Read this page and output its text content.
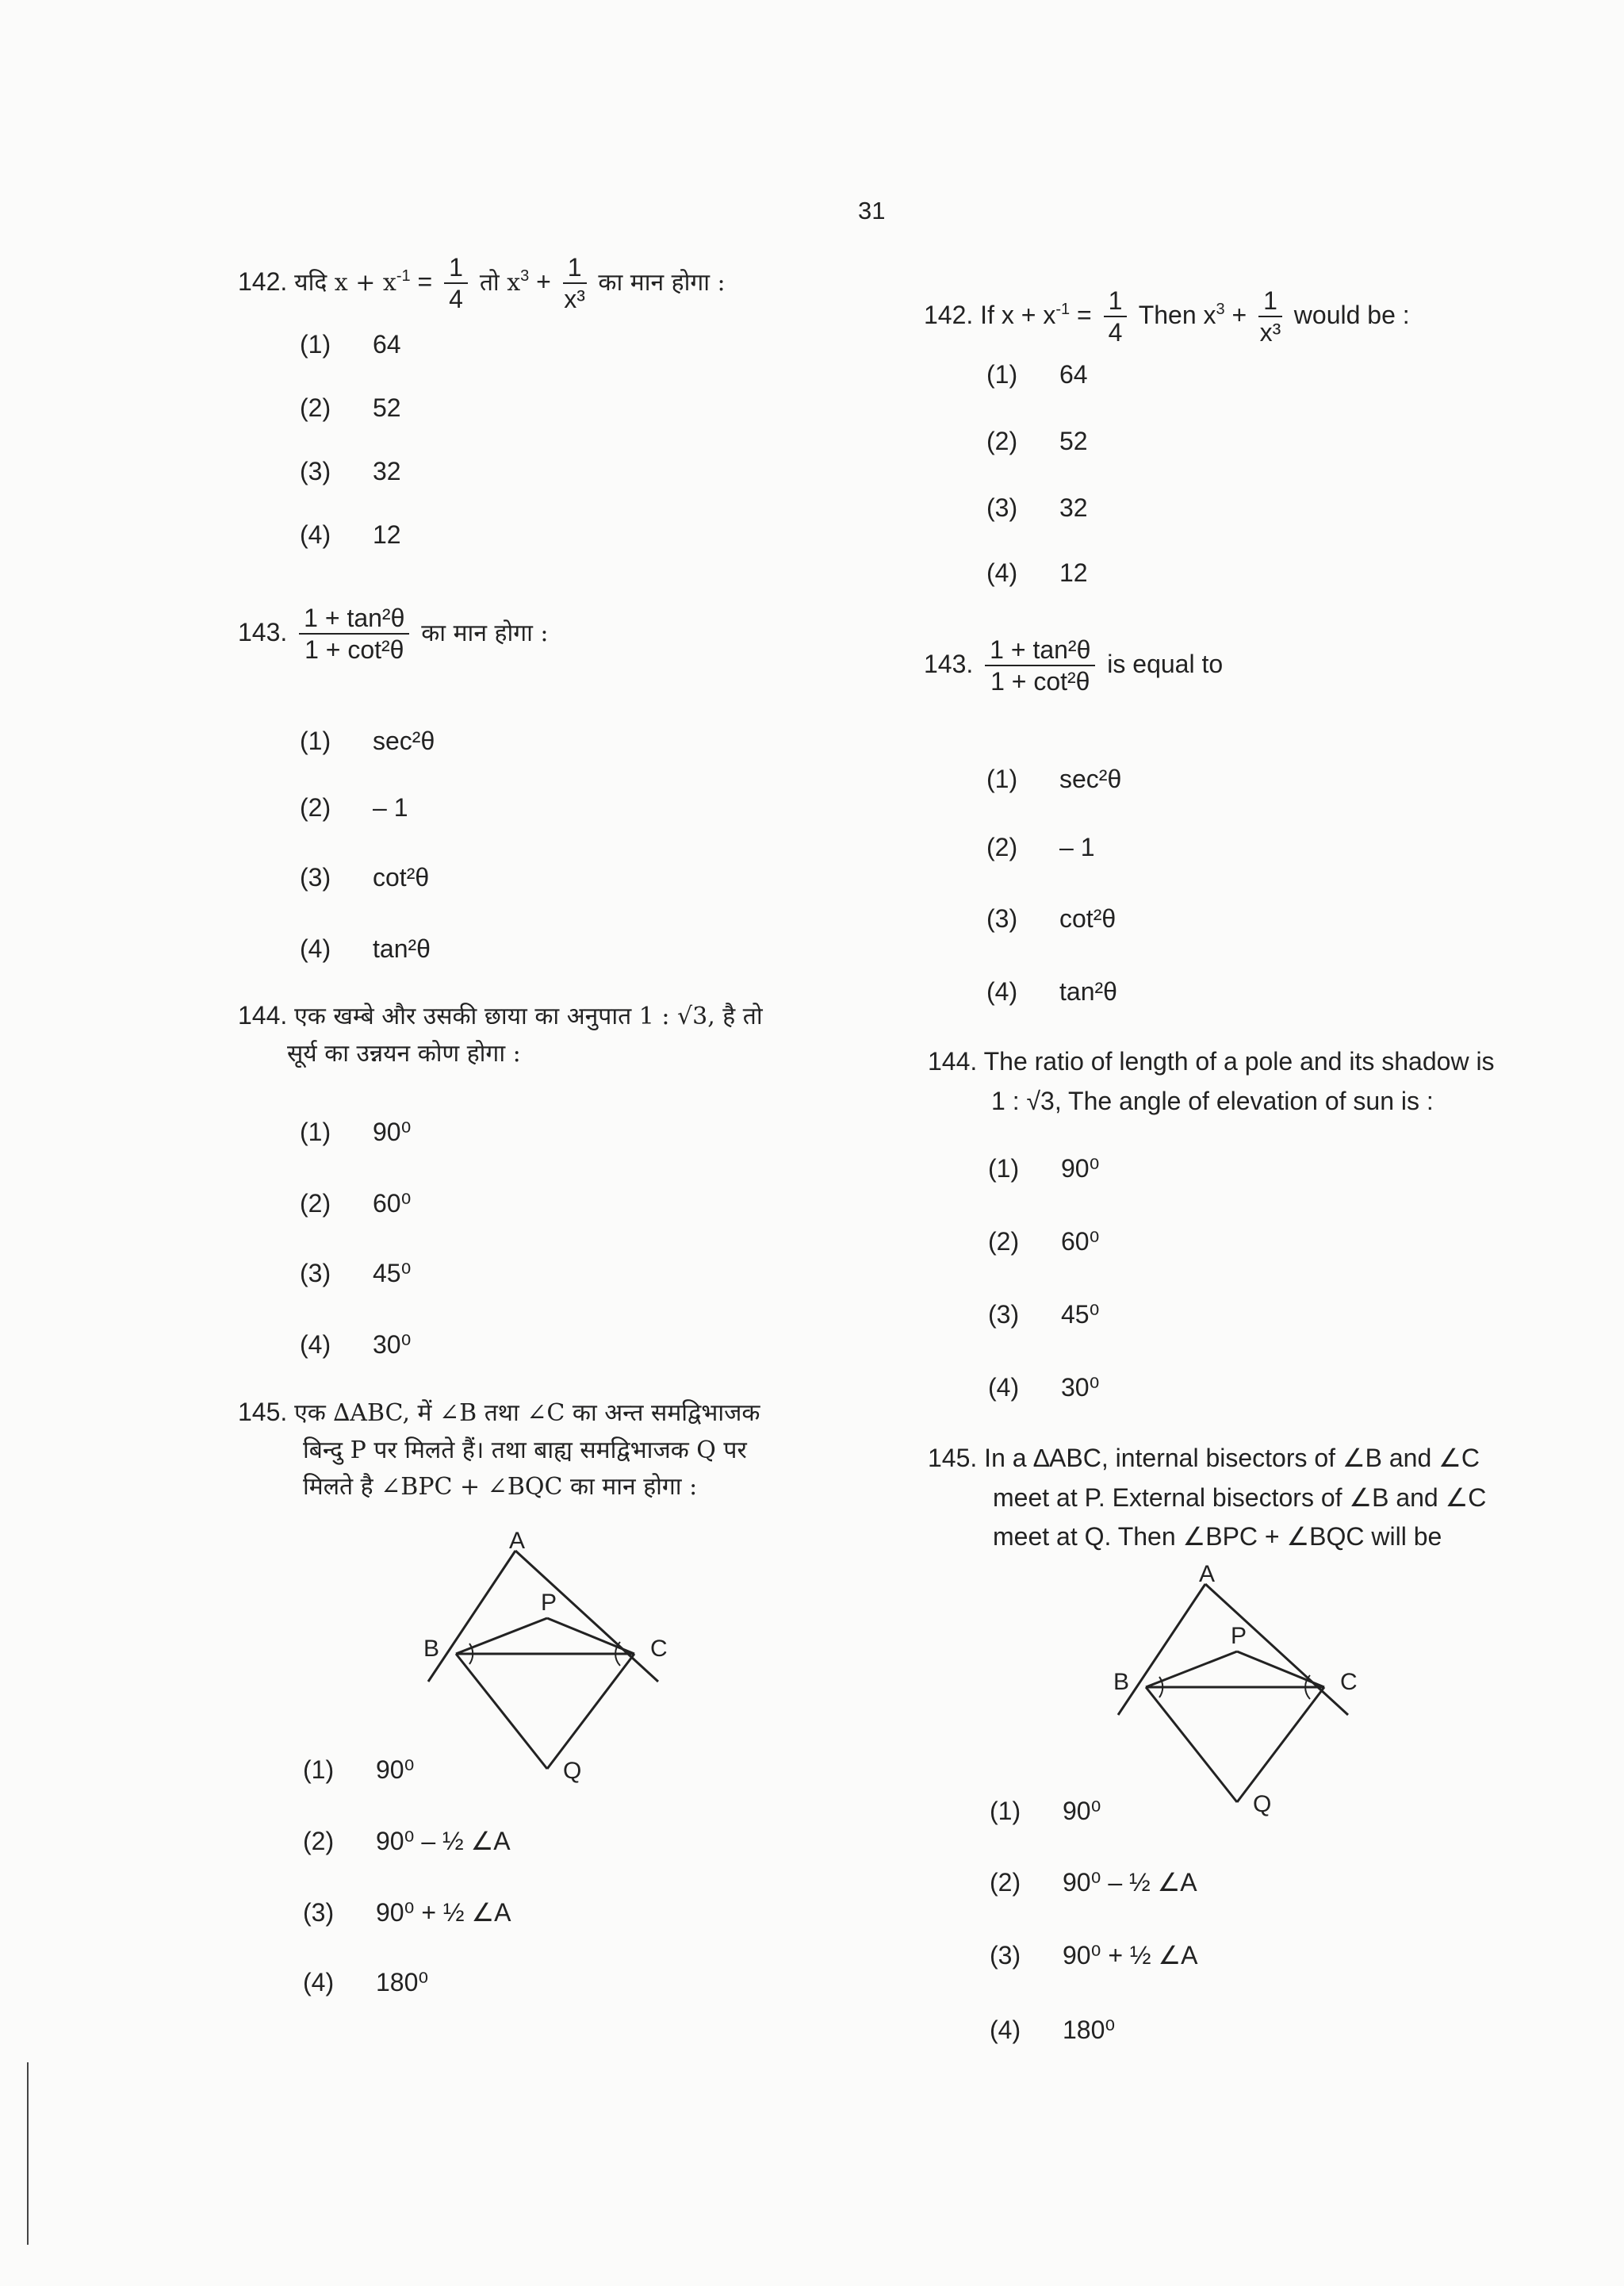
31
142. यदि $x + x^{-1} = \frac{1}{4}$ तो $x^3 + \frac{1}{\text{x³}}$ का मान होगा :
(1) 64
(2) 52
(3) 32
(4) 12
143. $\frac{\text{1 + tan²θ}}{\text{1 + cot²θ}}$ का मान होगा :
(1) sec²θ
(2) – 1
(3) cot²θ
(4) tan²θ
144. एक खम्बे और उसकी छाया का अनुपात 1 : √3, है तो
सूर्य का उन्नयन कोण होगा :
(1) 90⁰
(2) 60⁰
(3) 45⁰
(4) 30⁰
145. एक ∆ABC, में ∠B तथा ∠C का अन्त समद्विभाजक
बिन्दु P पर मिलते हैं। तथा बाह्य समद्विभाजक Q पर
मिलते है ∠BPC + ∠BQC का मान होगा :
A
P
B	C
Q
(1) 90⁰
(2) 90⁰ – ½ ∠A
(3) 90⁰ + ½ ∠A
(4) 180⁰
142. If $x + x^{-1} = \frac{1}{4}$ Then $x^3 + \frac{1}{\text{x³}}$ would be :
(1) 64
(2) 52
(3) 32
(4) 12
143. $\frac{\text{1 + tan²θ}}{\text{1 + cot²θ}}$ is equal to
(1) sec²θ
(2) – 1
(3) cot²θ
(4) tan²θ
144. The ratio of length of a pole and its shadow is
1 : √3, The angle of elevation of sun is :
(1) 90⁰
(2) 60⁰
(3) 45⁰
(4) 30⁰
145. In a ∆ABC, internal bisectors of ∠B and ∠C
meet at P. External bisectors of ∠B and ∠C
meet at Q. Then ∠BPC + ∠BQC will be
A
P
B	C
Q
(1) 90⁰
(2) 90⁰ – ½ ∠A
(3) 90⁰ + ½ ∠A
(4) 180⁰
